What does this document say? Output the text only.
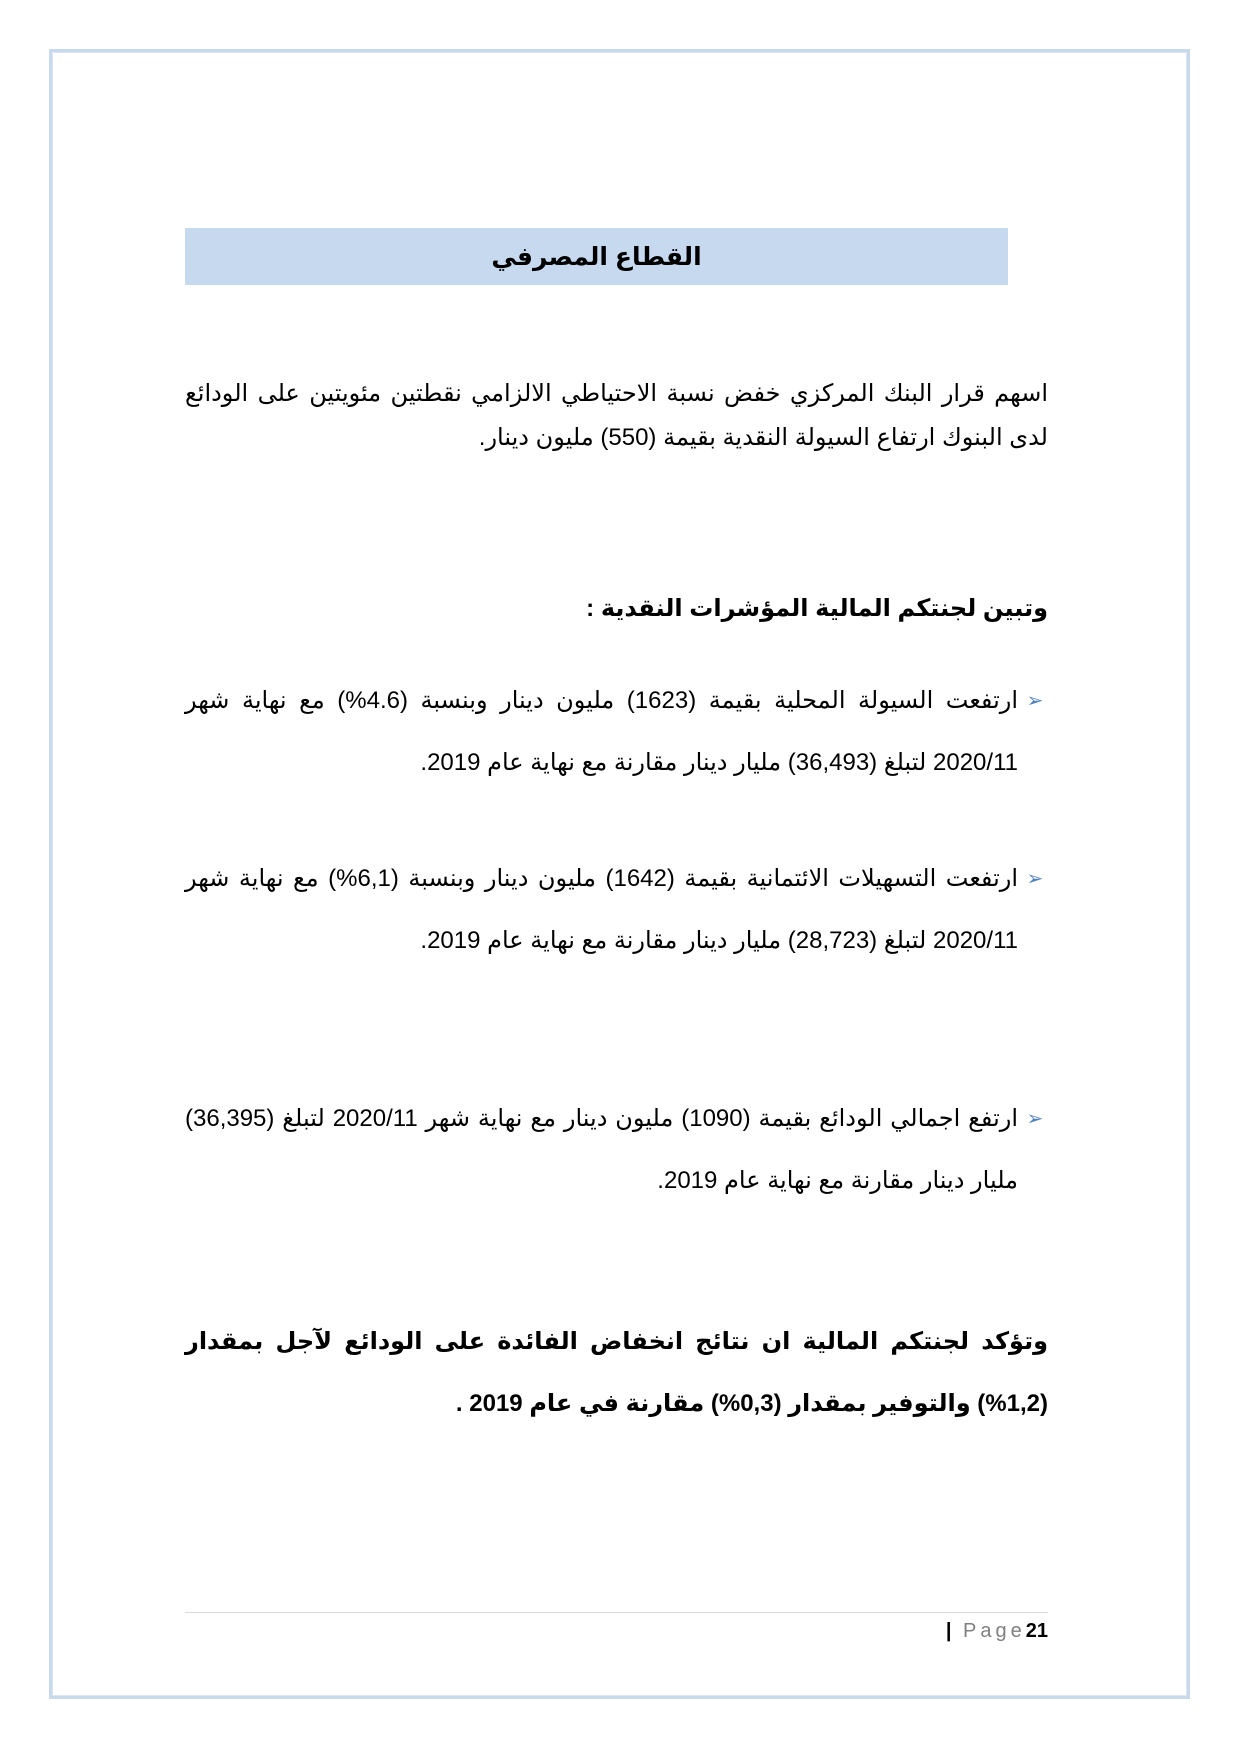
القطاع المصرفي
اسهم قرار البنك المركزي خفض نسبة الاحتياطي الالزامي نقطتين مئويتين على الودائع لدى البنوك ارتفاع السيولة النقدية بقيمة (550) مليون دينار.
وتبين لجنتكم المالية المؤشرات النقدية :
➢
ارتفعت السيولة المحلية بقيمة (1623) مليون دينار وبنسبة (4.6%) مع نهاية شهر 2020/11 لتبلغ (36,493) مليار دينار مقارنة مع نهاية عام 2019.
➢
ارتفعت التسهيلات الائتمانية بقيمة (1642) مليون دينار وبنسبة (6,1%) مع نهاية شهر 2020/11 لتبلغ (28,723) مليار دينار مقارنة مع نهاية عام 2019.
➢
ارتفع اجمالي الودائع بقيمة (1090) مليون دينار مع نهاية شهر 2020/11 لتبلغ (36,395) مليار دينار مقارنة مع نهاية عام 2019.
وتؤكد لجنتكم المالية ان نتائج انخفاض الفائدة على الودائع لآجل بمقدار (1,2%) والتوفير بمقدار (0,3%) مقارنة في عام 2019 .
| Page21
